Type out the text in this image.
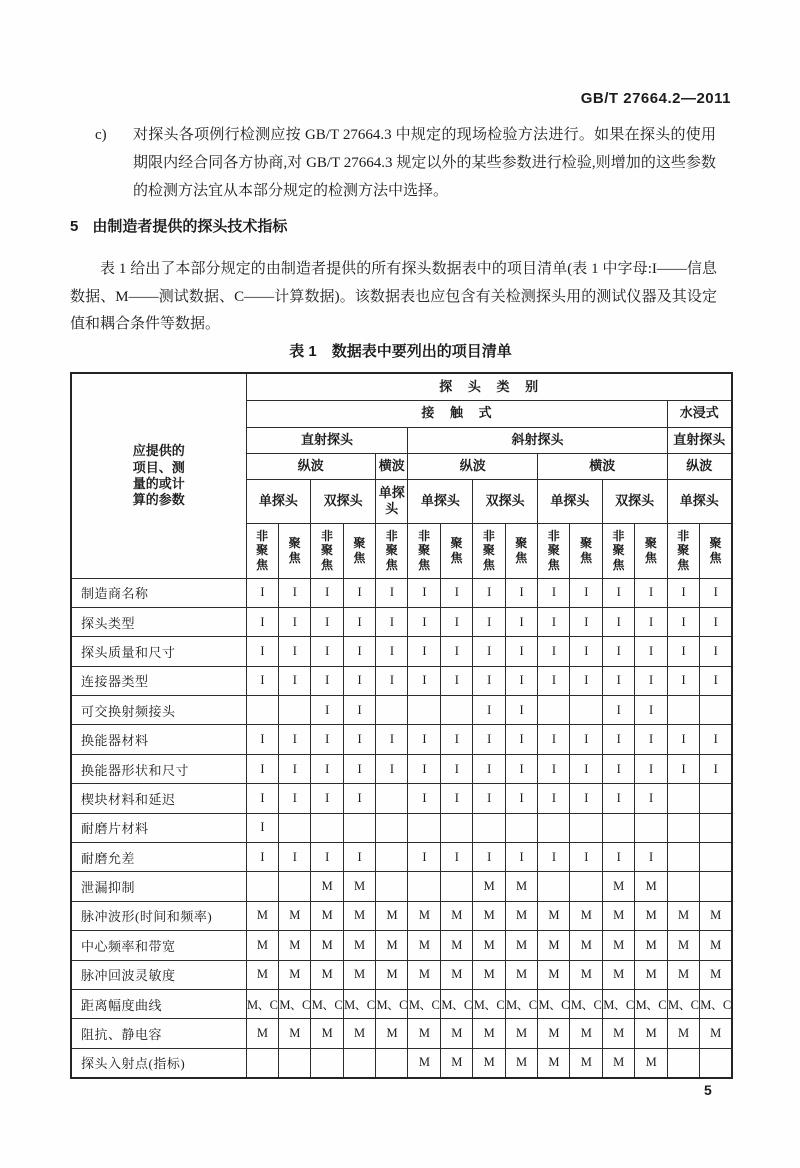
GB/T 27664.2—2011
c) 对探头各项例行检测应按 GB/T 27664.3 中规定的现场检验方法进行。如果在探头的使用期限内经合同各方协商,对 GB/T 27664.3 规定以外的某些参数进行检验,则增加的这些参数的检测方法宜从本部分规定的检测方法中选择。
5 由制造者提供的探头技术指标
表 1 给出了本部分规定的由制造者提供的所有探头数据表中的项目清单(表 1 中字母:I——信息数据、M——测试数据、C——计算数据)。该数据表也应包含有关检测探头用的测试仪器及其设定值和耦合条件等数据。
表 1　数据表中要列出的项目清单
应提供的
项目、测
量的或计
算的参数	探 头 类 别														
	接 触 式													水浸式	
	直射探头					斜射探头								直射探头	
	纵波				横波	纵波				横波				纵波	
	单探头		双探头		单探头	单探头		双探头		单探头		双探头		单探头	
	非聚焦	聚焦	非聚焦	聚焦	非聚焦	非聚焦	聚焦	非聚焦	聚焦	非聚焦	聚焦	非聚焦	聚焦	非聚焦	聚焦
制造商名称	I	I	I	I	I	I	I	I	I	I	I	I	I	I	I
探头类型	I	I	I	I	I	I	I	I	I	I	I	I	I	I	I
探头质量和尺寸	I	I	I	I	I	I	I	I	I	I	I	I	I	I	I
连接器类型	I	I	I	I	I	I	I	I	I	I	I	I	I	I	I
可交换射频接头			I	I				I	I			I	I		
换能器材料	I	I	I	I	I	I	I	I	I	I	I	I	I	I	I
换能器形状和尺寸	I	I	I	I	I	I	I	I	I	I	I	I	I	I	I
楔块材料和延迟	I	I	I	I		I	I	I	I	I	I	I	I		
耐磨片材料	I														
耐磨允差	I	I	I	I		I	I	I	I	I	I	I	I		
泄漏抑制			M	M				M	M			M	M		
脉冲波形(时间和频率)	M	M	M	M	M	M	M	M	M	M	M	M	M	M	M
中心频率和带宽	M	M	M	M	M	M	M	M	M	M	M	M	M	M	M
脉冲回波灵敏度	M	M	M	M	M	M	M	M	M	M	M	M	M	M	M
距离幅度曲线	M、C	M、C	M、C	M、C	M、C	M、C	M、C	M、C	M、C	M、C	M、C	M、C	M、C	M、C	M、C
阻抗、静电容	M	M	M	M	M	M	M	M	M	M	M	M	M	M	M
探头入射点(指标)						M	M	M	M	M	M	M	M		
5
